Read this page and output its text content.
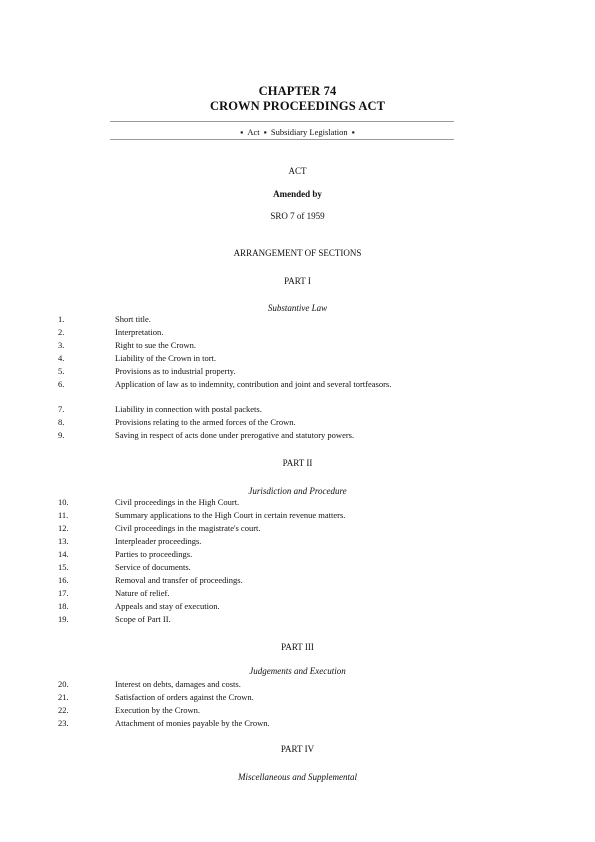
CHAPTER 74
CROWN PROCEEDINGS ACT
▪ Act ▪ Subsidiary Legislation ▪
ACT
Amended by
SRO 7 of 1959
ARRANGEMENT OF SECTIONS
PART I
Substantive Law
1.	Short title.
2.	Interpretation.
3.	Right to sue the Crown.
4.	Liability of the Crown in tort.
5.	Provisions as to industrial property.
6.	Application of law as to indemnity, contribution and joint and several tortfeasors.
7.	Liability in connection with postal packets.
8.	Provisions relating to the armed forces of the Crown.
9.	Saving in respect of acts done under prerogative and statutory powers.
PART II
Jurisdiction and Procedure
10.	Civil proceedings in the High Court.
11.	Summary applications to the High Court in certain revenue matters.
12.	Civil proceedings in the magistrate's court.
13.	Interpleader proceedings.
14.	Parties to proceedings.
15.	Service of documents.
16.	Removal and transfer of proceedings.
17.	Nature of relief.
18.	Appeals and stay of execution.
19.	Scope of Part II.
PART III
Judgements and Execution
20.	Interest on debts, damages and costs.
21.	Satisfaction of orders against the Crown.
22.	Execution by the Crown.
23.	Attachment of monies payable by the Crown.
PART IV
Miscellaneous and Supplemental
